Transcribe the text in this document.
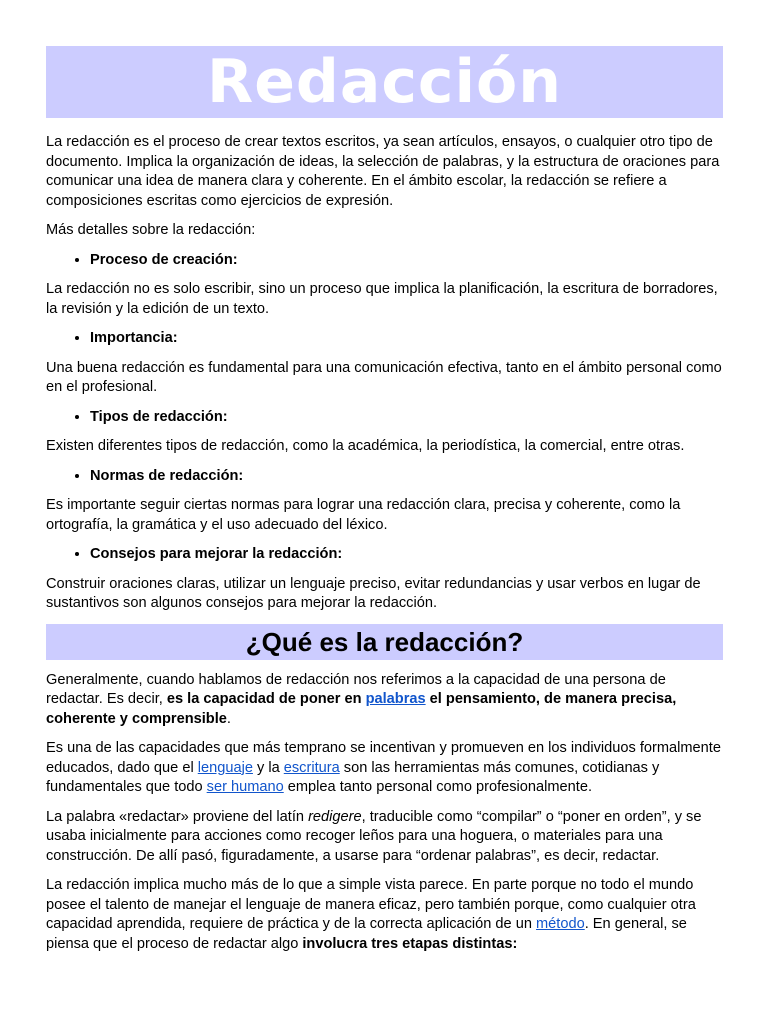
Redacción

La redacción es el proceso de crear textos escritos, ya sean artículos, ensayos, o cualquier otro tipo de documento. Implica la organización de ideas, la selección de palabras, y la estructura de oraciones para comunicar una idea de manera clara y coherente. En el ámbito escolar, la redacción se refiere a composiciones escritas como ejercicios de expresión.

Más detalles sobre la redacción:

• Proceso de creación:

La redacción no es solo escribir, sino un proceso que implica la planificación, la escritura de borradores, la revisión y la edición de un texto.

• Importancia:

Una buena redacción es fundamental para una comunicación efectiva, tanto en el ámbito personal como en el profesional.

• Tipos de redacción:

Existen diferentes tipos de redacción, como la académica, la periodística, la comercial, entre otras.

• Normas de redacción:

Es importante seguir ciertas normas para lograr una redacción clara, precisa y coherente, como la ortografía, la gramática y el uso adecuado del léxico.

• Consejos para mejorar la redacción:

Construir oraciones claras, utilizar un lenguaje preciso, evitar redundancias y usar verbos en lugar de sustantivos son algunos consejos para mejorar la redacción.

¿Qué es la redacción?

Generalmente, cuando hablamos de redacción nos referimos a la capacidad de una persona de redactar. Es decir, es la capacidad de poner en palabras el pensamiento, de manera precisa, coherente y comprensible.

Es una de las capacidades que más temprano se incentivan y promueven en los individuos formalmente educados, dado que el lenguaje y la escritura son las herramientas más comunes, cotidianas y fundamentales que todo ser humano emplea tanto personal como profesionalmente.

La palabra «redactar» proviene del latín redigere, traducible como “compilar” o “poner en orden”, y se usaba inicialmente para acciones como recoger leños para una hoguera, o materiales para una construcción. De allí pasó, figuradamente, a usarse para “ordenar palabras”, es decir, redactar.

La redacción implica mucho más de lo que a simple vista parece. En parte porque no todo el mundo posee el talento de manejar el lenguaje de manera eficaz, pero también porque, como cualquier otra capacidad aprendida, requiere de práctica y de la correcta aplicación de un método. En general, se piensa que el proceso de redactar algo involucra tres etapas distintas:
